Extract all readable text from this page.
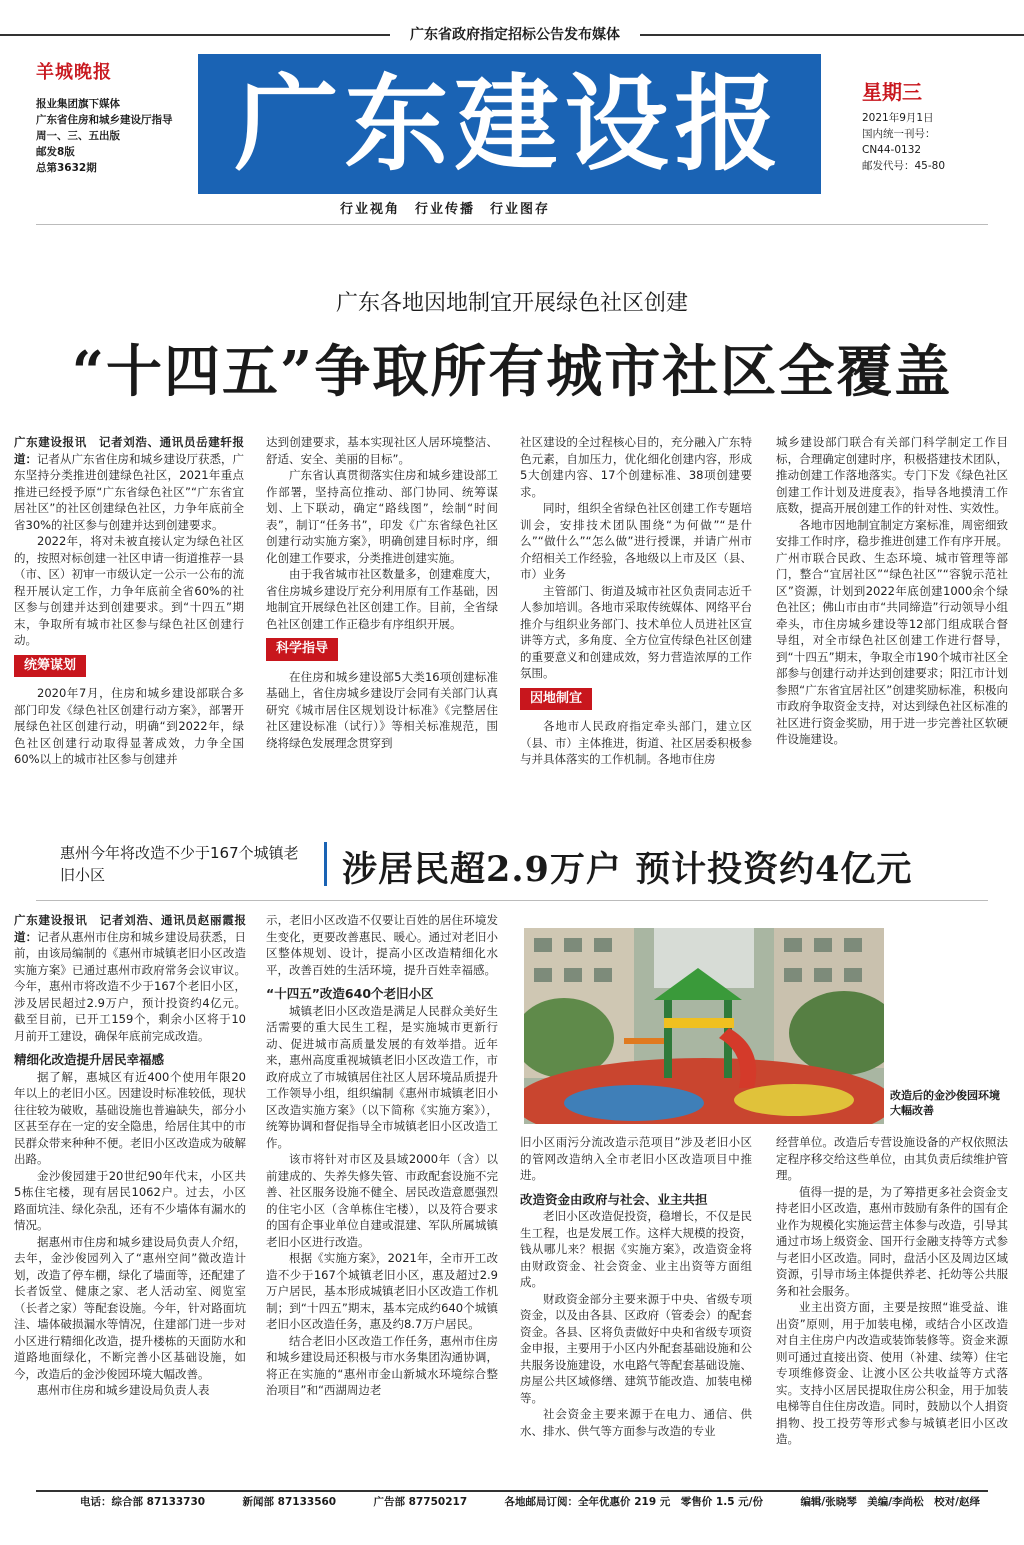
广东省政府指定招标公告发布媒体
羊城晚报
报业集团旗下媒体
广东省住房和城乡建设厅指导
周一、三、五出版
邮发8版
总第3632期	广东建设报	星期三
2021年9月1日
国内统一刊号：
CN44-0132
邮发代号：45-80
行业视角　行业传播　行业图存
广东各地因地制宜开展绿色社区创建
“十四五”争取所有城市社区全覆盖

广东建设报讯　记者刘浩、通讯员岳建轩报道：记者从广东省住房和城乡建设厅获悉，广东坚持分类推进创建绿色社区，2021年重点推进已经授予原“广东省绿色社区”“广东省宜居社区”的社区创建绿色社区，力争年底前全省30%的社区参与创建并达到创建要求。

2022年，将对未被直接认定为绿色社区的，按照对标创建一社区申请一街道推荐一县（市、区）初审一市级认定一公示一公布的流程开展认定工作，力争年底前全省60%的社区参与创建并达到创建要求。到“十四五”期末，争取所有城市社区参与绿色社区创建行动。

统筹谋划

2020年7月，住房和城乡建设部联合多部门印发《绿色社区创建行动方案》，部署开展绿色社区创建行动，明确“到2022年，绿色社区创建行动取得显著成效，力争全国60%以上的城市社区参与创建并

达到创建要求，基本实现社区人居环境整洁、舒适、安全、美丽的目标”。

广东省认真贯彻落实住房和城乡建设部工作部署，坚持高位推动、部门协同、统筹谋划、上下联动，确定“路线图”，绘制“时间表”，制订“任务书”，印发《广东省绿色社区创建行动实施方案》，明确创建目标时序，细化创建工作要求，分类推进创建实施。

由于我省城市社区数量多，创建难度大，省住房城乡建设厅充分利用原有工作基础，因地制宜开展绿色社区创建工作。目前，全省绿色社区创建工作正稳步有序组织开展。

科学指导

在住房和城乡建设部5大类16项创建标准基础上，省住房城乡建设厅会同有关部门认真研究《城市居住区规划设计标准》《完整居住社区建设标准（试行）》等相关标准规范，围绕将绿色发展理念贯穿到

社区建设的全过程核心目的，充分融入广东特色元素，自加压力，优化细化创建内容，形成5大创建内容、17个创建标准、38项创建要求。

同时，组织全省绿色社区创建工作专题培训会，安排技术团队围绕“为何做”“是什么”“做什么”“怎么做”进行授课，并请广州市介绍相关工作经验，各地级以上市及区（县、市）业务

主管部门、街道及城市社区负责同志近千人参加培训。各地市采取传统媒体、网络平台推介与组织业务部门、技术单位人员进社区宣讲等方式，多角度、全方位宣传绿色社区创建的重要意义和创建成效，努力营造浓厚的工作氛围。

因地制宜

各地市人民政府指定牵头部门，建立区（县、市）主体推进，街道、社区居委积极参与并具体落实的工作机制。各地市住房

城乡建设部门联合有关部门科学制定工作目标，合理确定创建时序，积极搭建技术团队，推动创建工作落地落实。专门下发《绿色社区创建工作计划及进度表》，指导各地摸清工作底数，提高开展创建工作的针对性、实效性。

各地市因地制宜制定方案标准，周密细致安排工作时序，稳步推进创建工作有序开展。广州市联合民政、生态环境、城市管理等部门，整合“宜居社区”“绿色社区”“容貌示范社区”资源，计划到2022年底创建1000余个绿色社区；佛山市由市“共同缔造”行动领导小组牵头，市住房城乡建设等12部门组成联合督导组，对全市绿色社区创建工作进行督导，到“十四五”期末，争取全市190个城市社区全部参与创建行动并达到创建要求；阳江市计划参照“广东省宜居社区”创建奖励标准，积极向市政府争取资金支持，对达到绿色社区标准的社区进行资金奖励，用于进一步完善社区软硬件设施建设。

惠州今年将改造不少于167个城镇老旧小区	涉居民超2.9万户 预计投资约4亿元

广东建设报讯　记者刘浩、通讯员赵丽霞报道：记者从惠州市住房和城乡建设局获悉，日前，由该局编制的《惠州市城镇老旧小区改造实施方案》已通过惠州市政府常务会议审议。今年，惠州市将改造不少于167个老旧小区，涉及居民超过2.9万户，预计投资约4亿元。截至目前，已开工159个，剩余小区将于10月前开工建设，确保年底前完成改造。

精细化改造提升居民幸福感

据了解，惠城区有近400个使用年限20年以上的老旧小区。因建设时标准较低，现状往往较为破败，基础设施也普遍缺失，部分小区甚至存在一定的安全隐患，给居住其中的市民群众带来种种不便。老旧小区改造成为破解出路。

金沙俊园建于20世纪90年代末，小区共5栋住宅楼，现有居民1062户。过去，小区路面坑洼、绿化杂乱，还有不少墙体有漏水的情况。

据惠州市住房和城乡建设局负责人介绍，去年，金沙俊园列入了“惠州空间”微改造计划，改造了停车棚，绿化了墙面等，还配建了长者饭堂、健康之家、老人活动室、阅览室（长者之家）等配套设施。今年，针对路面坑洼、墙体破损漏水等情况，住建部门进一步对小区进行精细化改造，提升楼栋的天面防水和道路地面绿化，不断完善小区基础设施，如今，改造后的金沙俊园环境大幅改善。

惠州市住房和城乡建设局负责人表

示，老旧小区改造不仅要让百姓的居住环境发生变化，更要改善惠民、暖心。通过对老旧小区整体规划、设计，提高小区改造精细化水平，改善百姓的生活环境，提升百姓幸福感。

“十四五”改造640个老旧小区

城镇老旧小区改造是满足人民群众美好生活需要的重大民生工程，是实施城市更新行动、促进城市高质量发展的有效举措。近年来，惠州高度重视城镇老旧小区改造工作，市政府成立了市城镇居住社区人居环境品质提升工作领导小组，组织编制《惠州市城镇老旧小区改造实施方案》（以下简称《实施方案》），统筹协调和督促指导全市城镇老旧小区改造工作。

该市将针对市区及县域2000年（含）以前建成的、失养失修失管、市政配套设施不完善、社区服务设施不健全、居民改造意愿强烈的住宅小区（含单栋住宅楼），以及符合要求的国有企事业单位自建或混建、军队所属城镇老旧小区进行改造。

根据《实施方案》，2021年，全市开工改造不少于167个城镇老旧小区，惠及超过2.9万户居民，基本形成城镇老旧小区改造工作机制；到“十四五”期末，基本完成约640个城镇老旧小区改造任务，惠及约8.7万户居民。

结合老旧小区改造工作任务，惠州市住房和城乡建设局还积极与市水务集团沟通协调，将正在实施的“惠州市金山新城水环境综合整治项目”和“西湖周边老

改造后的金沙俊园环境大幅改善

旧小区雨污分流改造示范项目”涉及老旧小区的管网改造纳入全市老旧小区改造项目中推进。

改造资金由政府与社会、业主共担

老旧小区改造促投资，稳增长，不仅是民生工程，也是发展工作。这样大规模的投资，钱从哪儿来？根据《实施方案》，改造资金将由财政资金、社会资金、业主出资等方面组成。

财政资金部分主要来源于中央、省级专项资金，以及由各县、区政府（管委会）的配套资金。各县、区将负责做好中央和省级专项资金申报，主要用于小区内外配套基础设施和公共服务设施建设，水电路气等配套基础设施、房屋公共区域修缮、建筑节能改造、加装电梯等。

社会资金主要来源于在电力、通信、供水、排水、供气等方面参与改造的专业

经营单位。改造后专营设施设备的产权依照法定程序移交给这些单位，由其负责后续维护管理。

值得一提的是，为了筹措更多社会资金支持老旧小区改造，惠州市鼓励有条件的国有企业作为规模化实施运营主体参与改造，引导其通过市场上级资金、国开行金融支持等方式参与老旧小区改造。同时，盘活小区及周边区域资源，引导市场主体提供养老、托幼等公共服务和社会服务。

业主出资方面，主要是按照“谁受益、谁出资”原则，用于加装电梯，或结合小区改造对自主住房户内改造或装饰装修等。资金来源则可通过直接出资、使用（补建、续筹）住宅专项维修资金、让渡小区公共收益等方式落实。支持小区居民提取住房公积金，用于加装电梯等自住住房改造。同时，鼓励以个人捐资捐物、投工投劳等形式参与城镇老旧小区改造。

电话：综合部 87133730	新闻部 87133560	广告部 87750217	各地邮局订阅：全年优惠价 219 元　零售价 1.5 元/份	编辑/张晓琴　美编/李尚松　校对/赵绎
